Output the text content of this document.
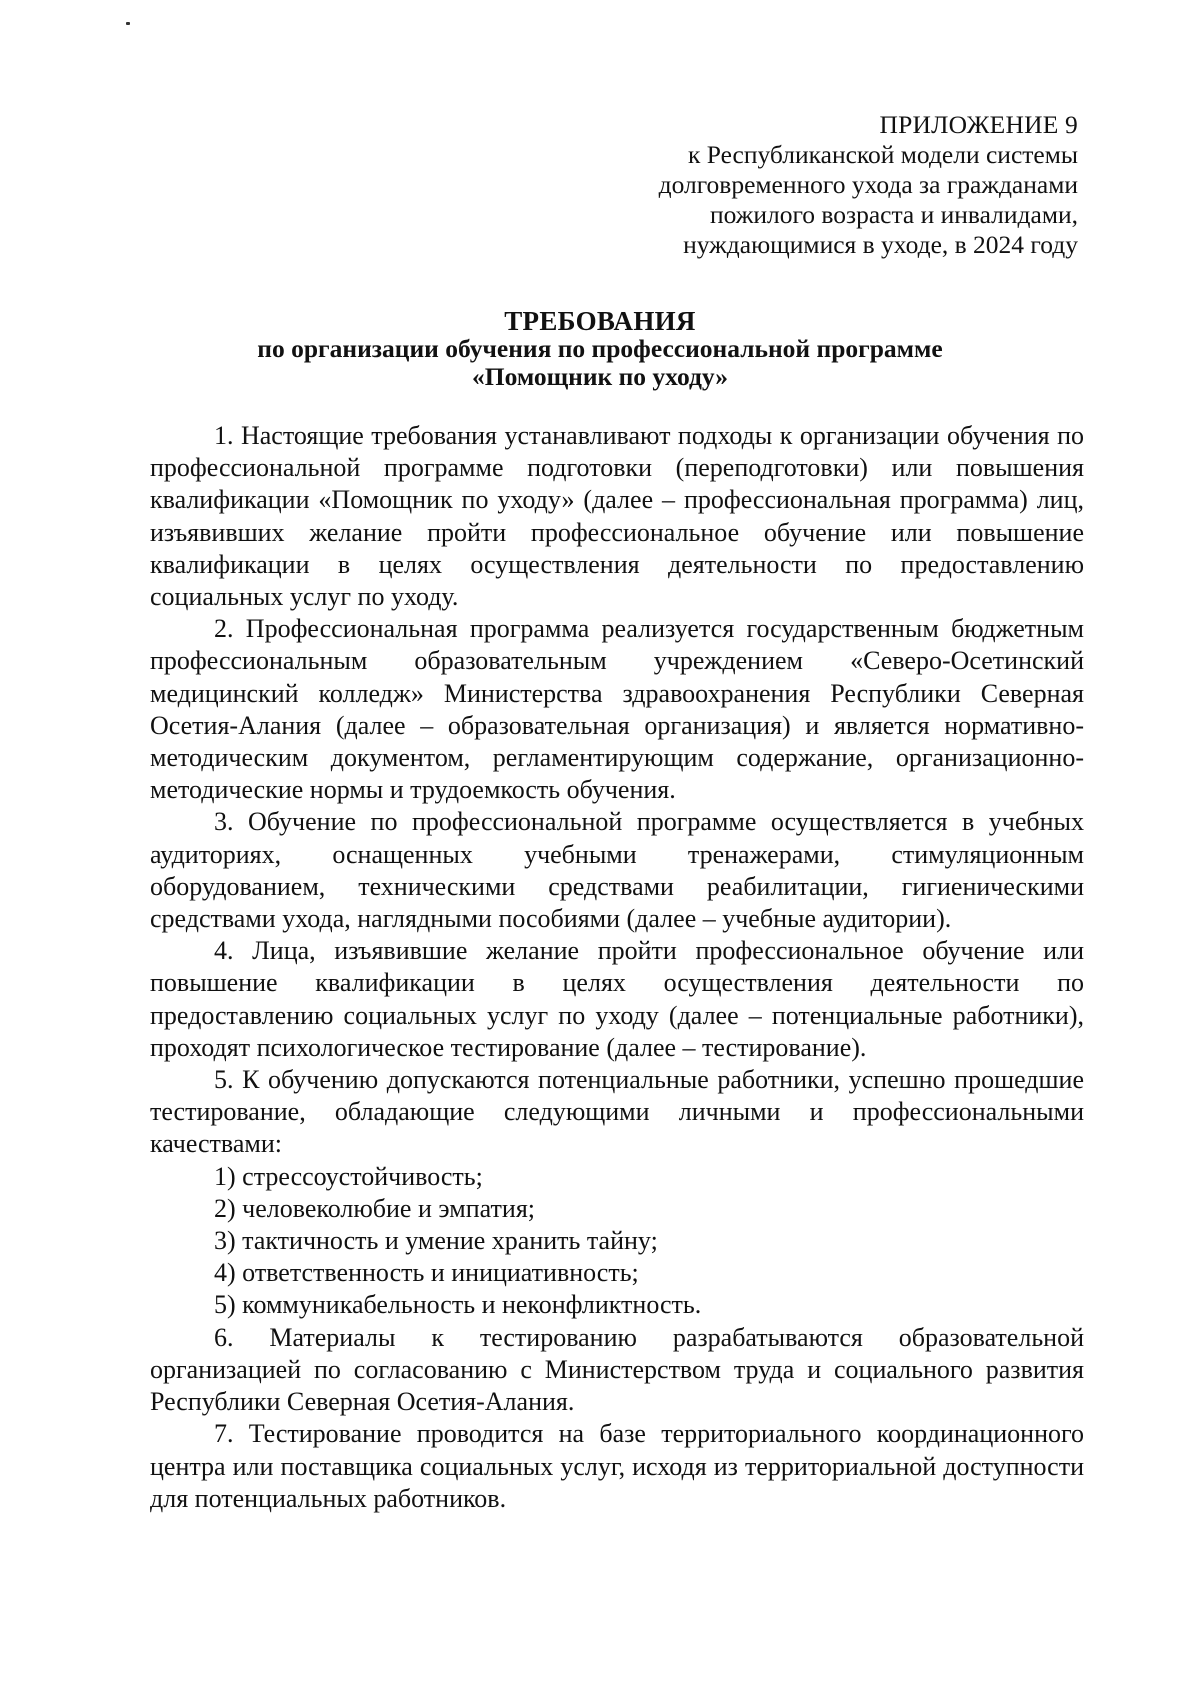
ПРИЛОЖЕНИЕ 9
к Республиканской модели системы
долговременного ухода за гражданами
пожилого возраста и инвалидами,
нуждающимися в уходе, в 2024 году
ТРЕБОВАНИЯ
по организации обучения по профессиональной программе
«Помощник по уходу»

1. Настоящие требования устанавливают подходы к организации обучения по профессиональной программе подготовки (переподготовки) или повышения квалификации «Помощник по уходу» (далее – профессиональная программа) лиц, изъявивших желание пройти профессиональное обучение или повышение квалификации в целях осуществления деятельности по предоставлению социальных услуг по уходу.

2. Профессиональная программа реализуется государственным бюджетным профессиональным образовательным учреждением «Северо-Осетинский медицинский колледж» Министерства здравоохранения Республики Северная Осетия-Алания (далее – образовательная организация) и является нормативно-методическим документом, регламентирующим содержание, организационно-методические нормы и трудоемкость обучения.

3. Обучение по профессиональной программе осуществляется в учебных аудиториях, оснащенных учебными тренажерами, стимуляционным оборудованием, техническими средствами реабилитации, гигиеническими средствами ухода, наглядными пособиями (далее – учебные аудитории).

4. Лица, изъявившие желание пройти профессиональное обучение или повышение квалификации в целях осуществления деятельности по предоставлению социальных услуг по уходу (далее – потенциальные работники), проходят психологическое тестирование (далее – тестирование).

5. К обучению допускаются потенциальные работники, успешно прошедшие тестирование, обладающие следующими личными и профессиональными качествами:

1) стрессоустойчивость;

2) человеколюбие и эмпатия;

3) тактичность и умение хранить тайну;

4) ответственность и инициативность;

5) коммуникабельность и неконфликтность.

6. Материалы к тестированию разрабатываются образовательной организацией по согласованию с Министерством труда и социального развития Республики Северная Осетия-Алания.

7. Тестирование проводится на базе территориального координационного центра или поставщика социальных услуг, исходя из территориальной доступности для потенциальных работников.
